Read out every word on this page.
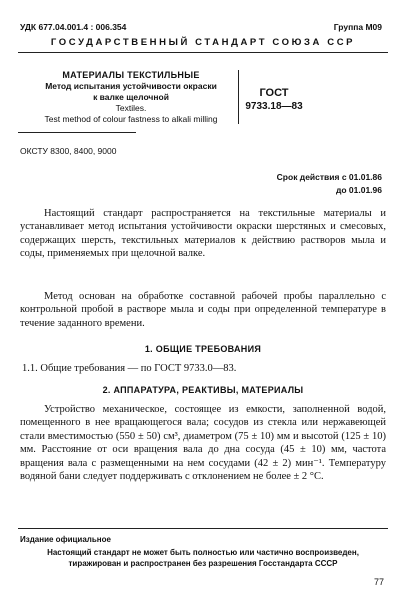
УДК 677.04.001.4 : 006.354	Группа М09
ГОСУДАРСТВЕННЫЙ СТАНДАРТ СОЮЗА ССР
МАТЕРИАЛЫ ТЕКСТИЛЬНЫЕ
Метод испытания устойчивости окраски
к валке щелочной
Textiles.
Test method of colour fastness to alkali milling
ГОСТ
9733.18—83
ОКСТУ 8300, 8400, 9000
Срок действия с 01.01.86
до 01.01.96
Настоящий стандарт распространяется на текстильные материалы и устанавливает метод испытания устойчивости окраски шерстяных и смесовых, содержащих шерсть, текстильных материалов к действию растворов мыла и соды, применяемых при щелочной валке.
Метод основан на обработке составной рабочей пробы параллельно с контрольной пробой в растворе мыла и соды при определенной температуре в течение заданного времени.
1. ОБЩИЕ ТРЕБОВАНИЯ
1.1. Общие требования — по ГОСТ 9733.0—83.
2. АППАРАТУРА, РЕАКТИВЫ, МАТЕРИАЛЫ
Устройство механическое, состоящее из емкости, заполненной водой, помещенного в нее вращающегося вала; сосудов из стекла или нержавеющей стали вместимостью (550 ± 50) см³, диаметром (75 ± 10) мм и высотой (125 ± 10) мм. Расстояние от оси вращения вала до дна сосуда (45 ± 10) мм, частота вращения вала с размещенными на нем сосудами (42 ± 2) мин⁻¹. Температуру водяной бани следует поддерживать с отклонением не более ± 2 °С.
Издание официальное
Настоящий стандарт не может быть полностью или частично воспроизведен,
тиражирован и распространен без разрешения Госстандарта СССР
77
